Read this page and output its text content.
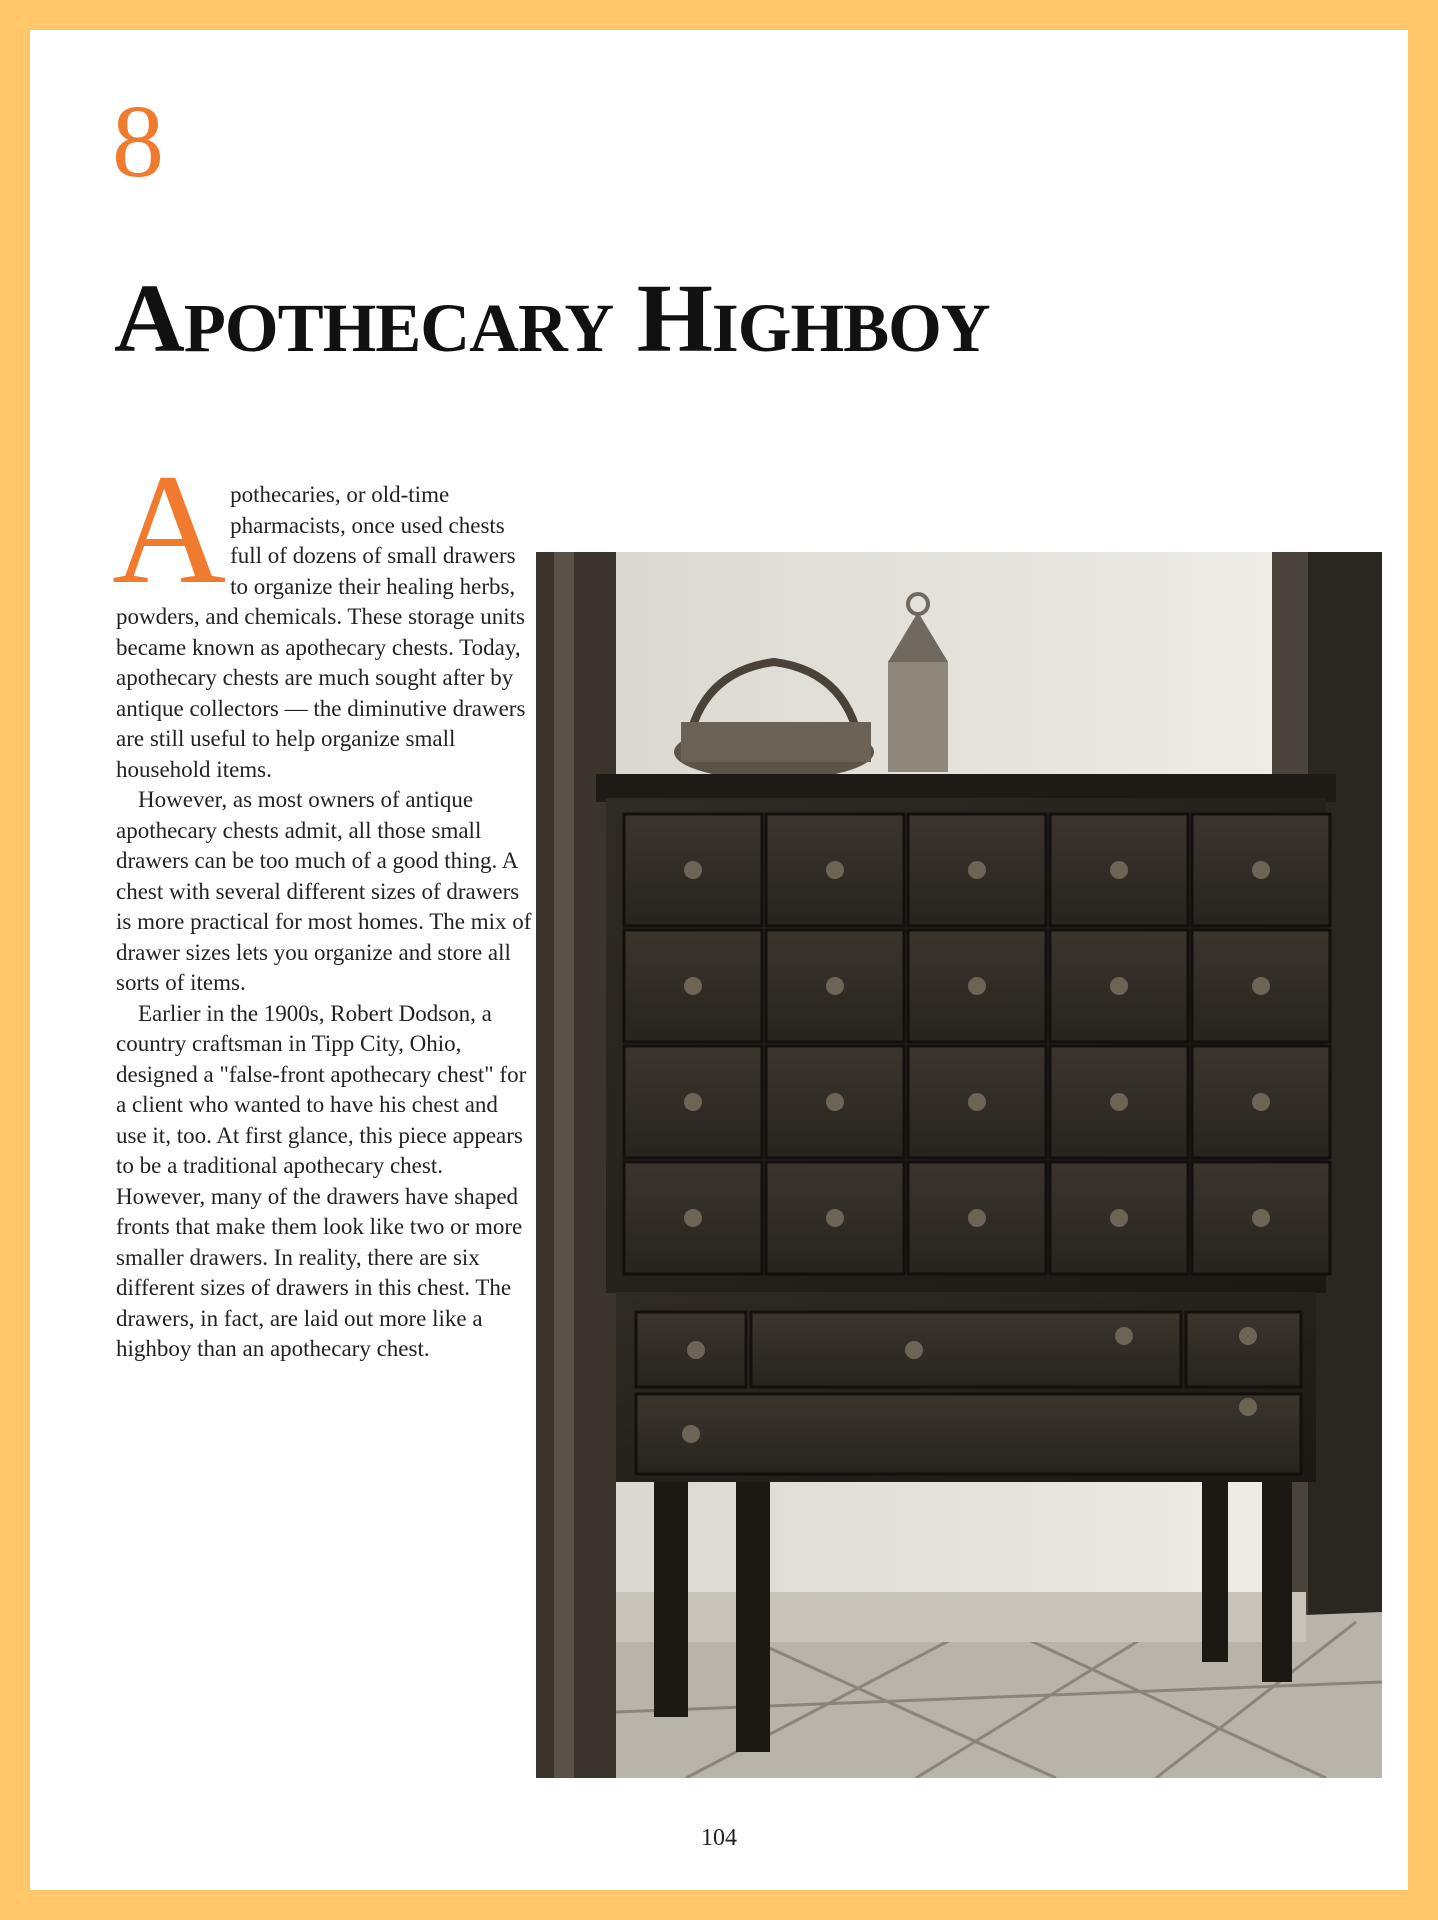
8
Apothecary Highboy

Apothecaries, or old-time pharmacists, once used chests full of dozens of small drawers to organize their healing herbs, powders, and chemicals. These storage units became known as apothecary chests. Today, apothecary chests are much sought after by antique collectors — the diminutive drawers are still useful to help organize small household items.

However, as most owners of antique apothecary chests admit, all those small drawers can be too much of a good thing. A chest with several different sizes of drawers is more practical for most homes. The mix of drawer sizes lets you organize and store all sorts of items.

Earlier in the 1900s, Robert Dodson, a country craftsman in Tipp City, Ohio, designed a "false-front apothecary chest" for a client who wanted to have his chest and use it, too. At first glance, this piece appears to be a traditional apothecary chest. However, many of the drawers have shaped fronts that make them look like two or more smaller drawers. In reality, there are six different sizes of drawers in this chest. The drawers, in fact, are laid out more like a highboy than an apothecary chest.

104
